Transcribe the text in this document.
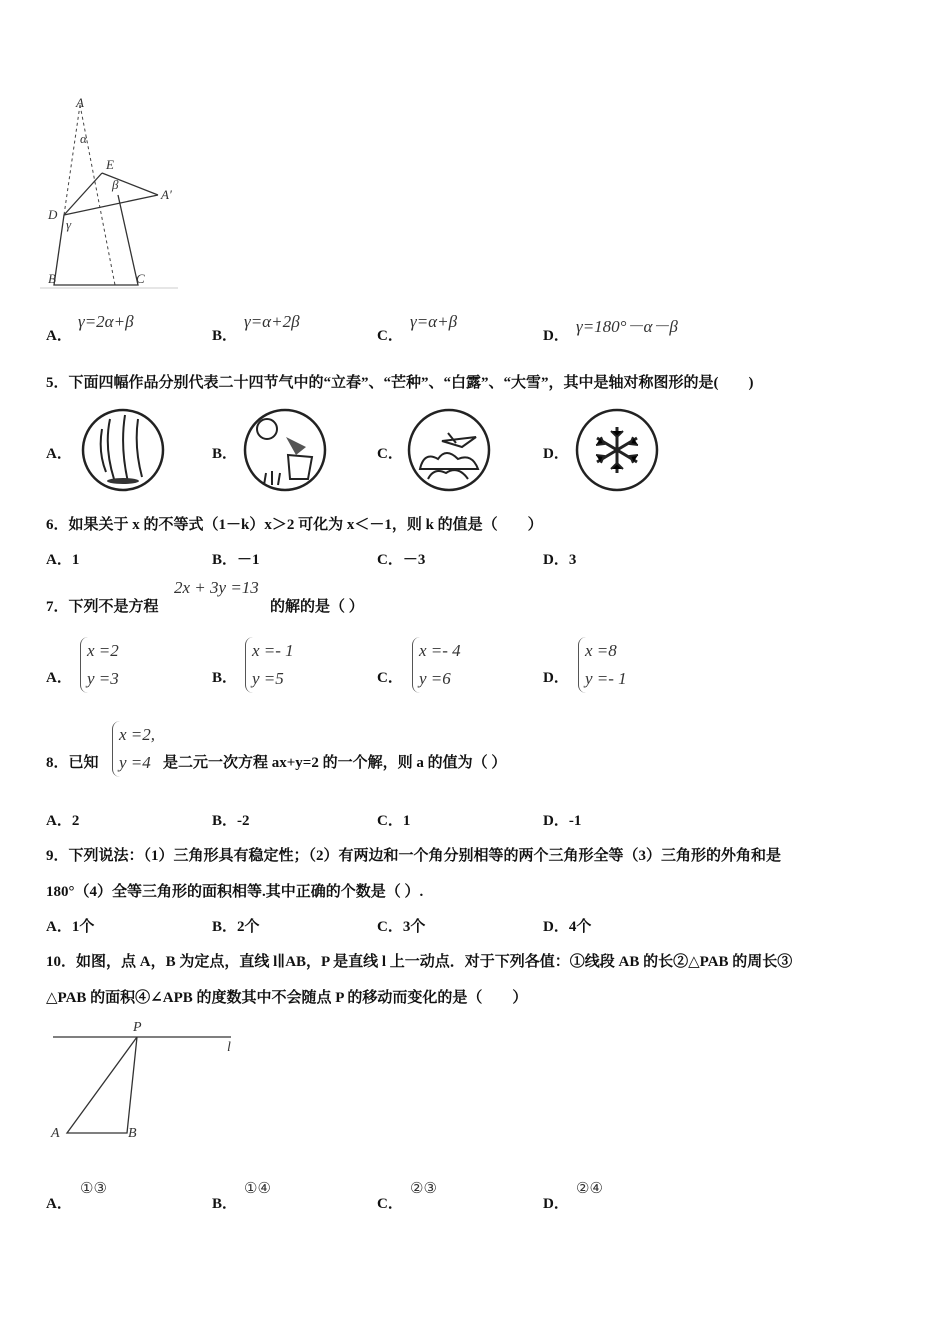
A
α
E
β
A′
D
γ
B	C
A．
γ=2α+β
B．
γ=α+2β
C．
γ=α+β
D． γ=180°－α－β
5．下面四幅作品分别代表二十四节气中的“立春”、“芒种”、“白露”、“大雪”，其中是轴对称图形的是(　　)
A．	B．	C．	D．
6．如果关于 x 的不等式（1－k）x＞2 可化为 x＜－1，则 k 的值是（　　）
A．1	B．－1	C．－3	D．3
7．下列不是方程
2x + 3y =13
的解的是（ ）
A．
x =2
y =3	B．
x =- 1
y =5	C．
x =- 4
y =6	D．
x =8
y =- 1
8．已知
x =2,
y =4 是二元一次方程 ax+y=2 的一个解，则 a 的值为（ ）
A．2	B．-2	C．1	D．-1
9．下列说法：（1）三角形具有稳定性；（2）有两边和一个角分别相等的两个三角形全等（3）三角形的外角和是
180°（4）全等三角形的面积相等.其中正确的个数是（ ）.
A．1个	B．2个	C．3个	D．4个
10．如图，点 A，B 为定点，直线 l∥AB，P 是直线 l 上一动点．对于下列各值：①线段 AB 的长②△PAB 的周长③
△PAB 的面积④∠APB 的度数其中不会随点 P 的移动而变化的是（　　）
P
l
A	B
A．
①③
B．
①④
C．
②③
D．
②④
